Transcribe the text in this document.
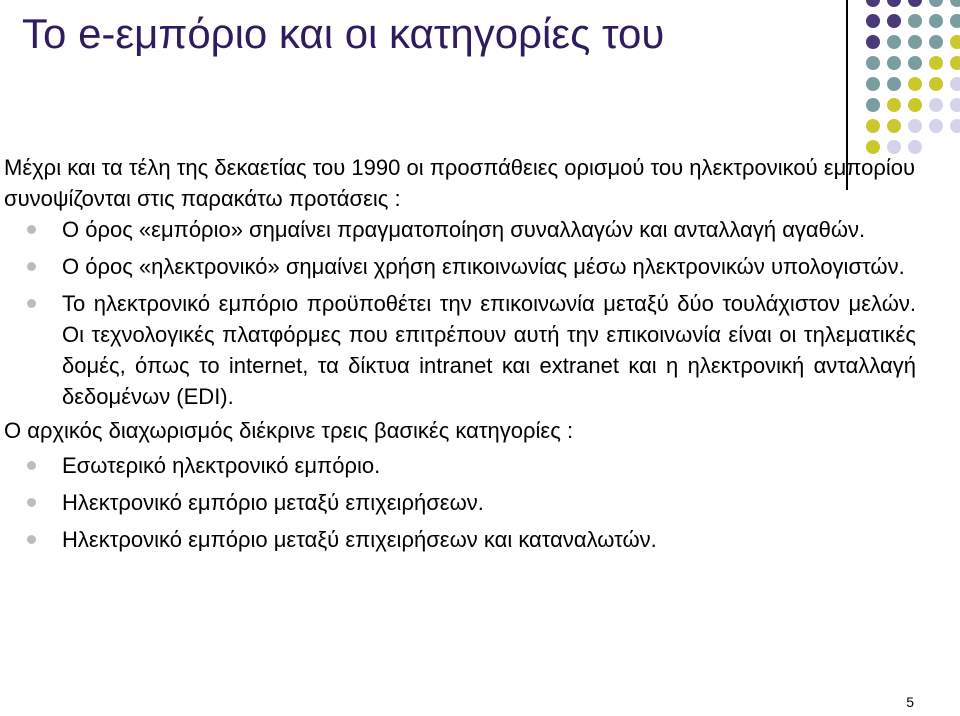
Το e-εμπόριο και οι κατηγορίες του

Μέχρι και τα τέλη της δεκαετίας του 1990 οι προσπάθειες ορισμού του ηλεκτρονικού εμπορίου συνοψίζονται στις παρακάτω προτάσεις :

Ο όρος «εμπόριο» σημαίνει πραγματοποίηση συναλλαγών και ανταλλαγή αγαθών.
Ο όρος «ηλεκτρονικό» σημαίνει χρήση επικοινωνίας μέσω ηλεκτρονικών υπολογιστών.
Το ηλεκτρονικό εμπόριο προϋποθέτει την επικοινωνία μεταξύ δύο τουλάχιστον μελών. Οι τεχνολογικές πλατφόρμες που επιτρέπουν αυτή την επικοινωνία είναι οι τηλεματικές δομές, όπως το internet, τα δίκτυα intranet και extranet και η ηλεκτρονική ανταλλαγή δεδομένων (EDI).

Ο αρχικός διαχωρισμός διέκρινε τρεις βασικές κατηγορίες :

Εσωτερικό ηλεκτρονικό εμπόριο.
Ηλεκτρονικό εμπόριο μεταξύ επιχειρήσεων.
Ηλεκτρονικό εμπόριο μεταξύ επιχειρήσεων και καταναλωτών.
5
